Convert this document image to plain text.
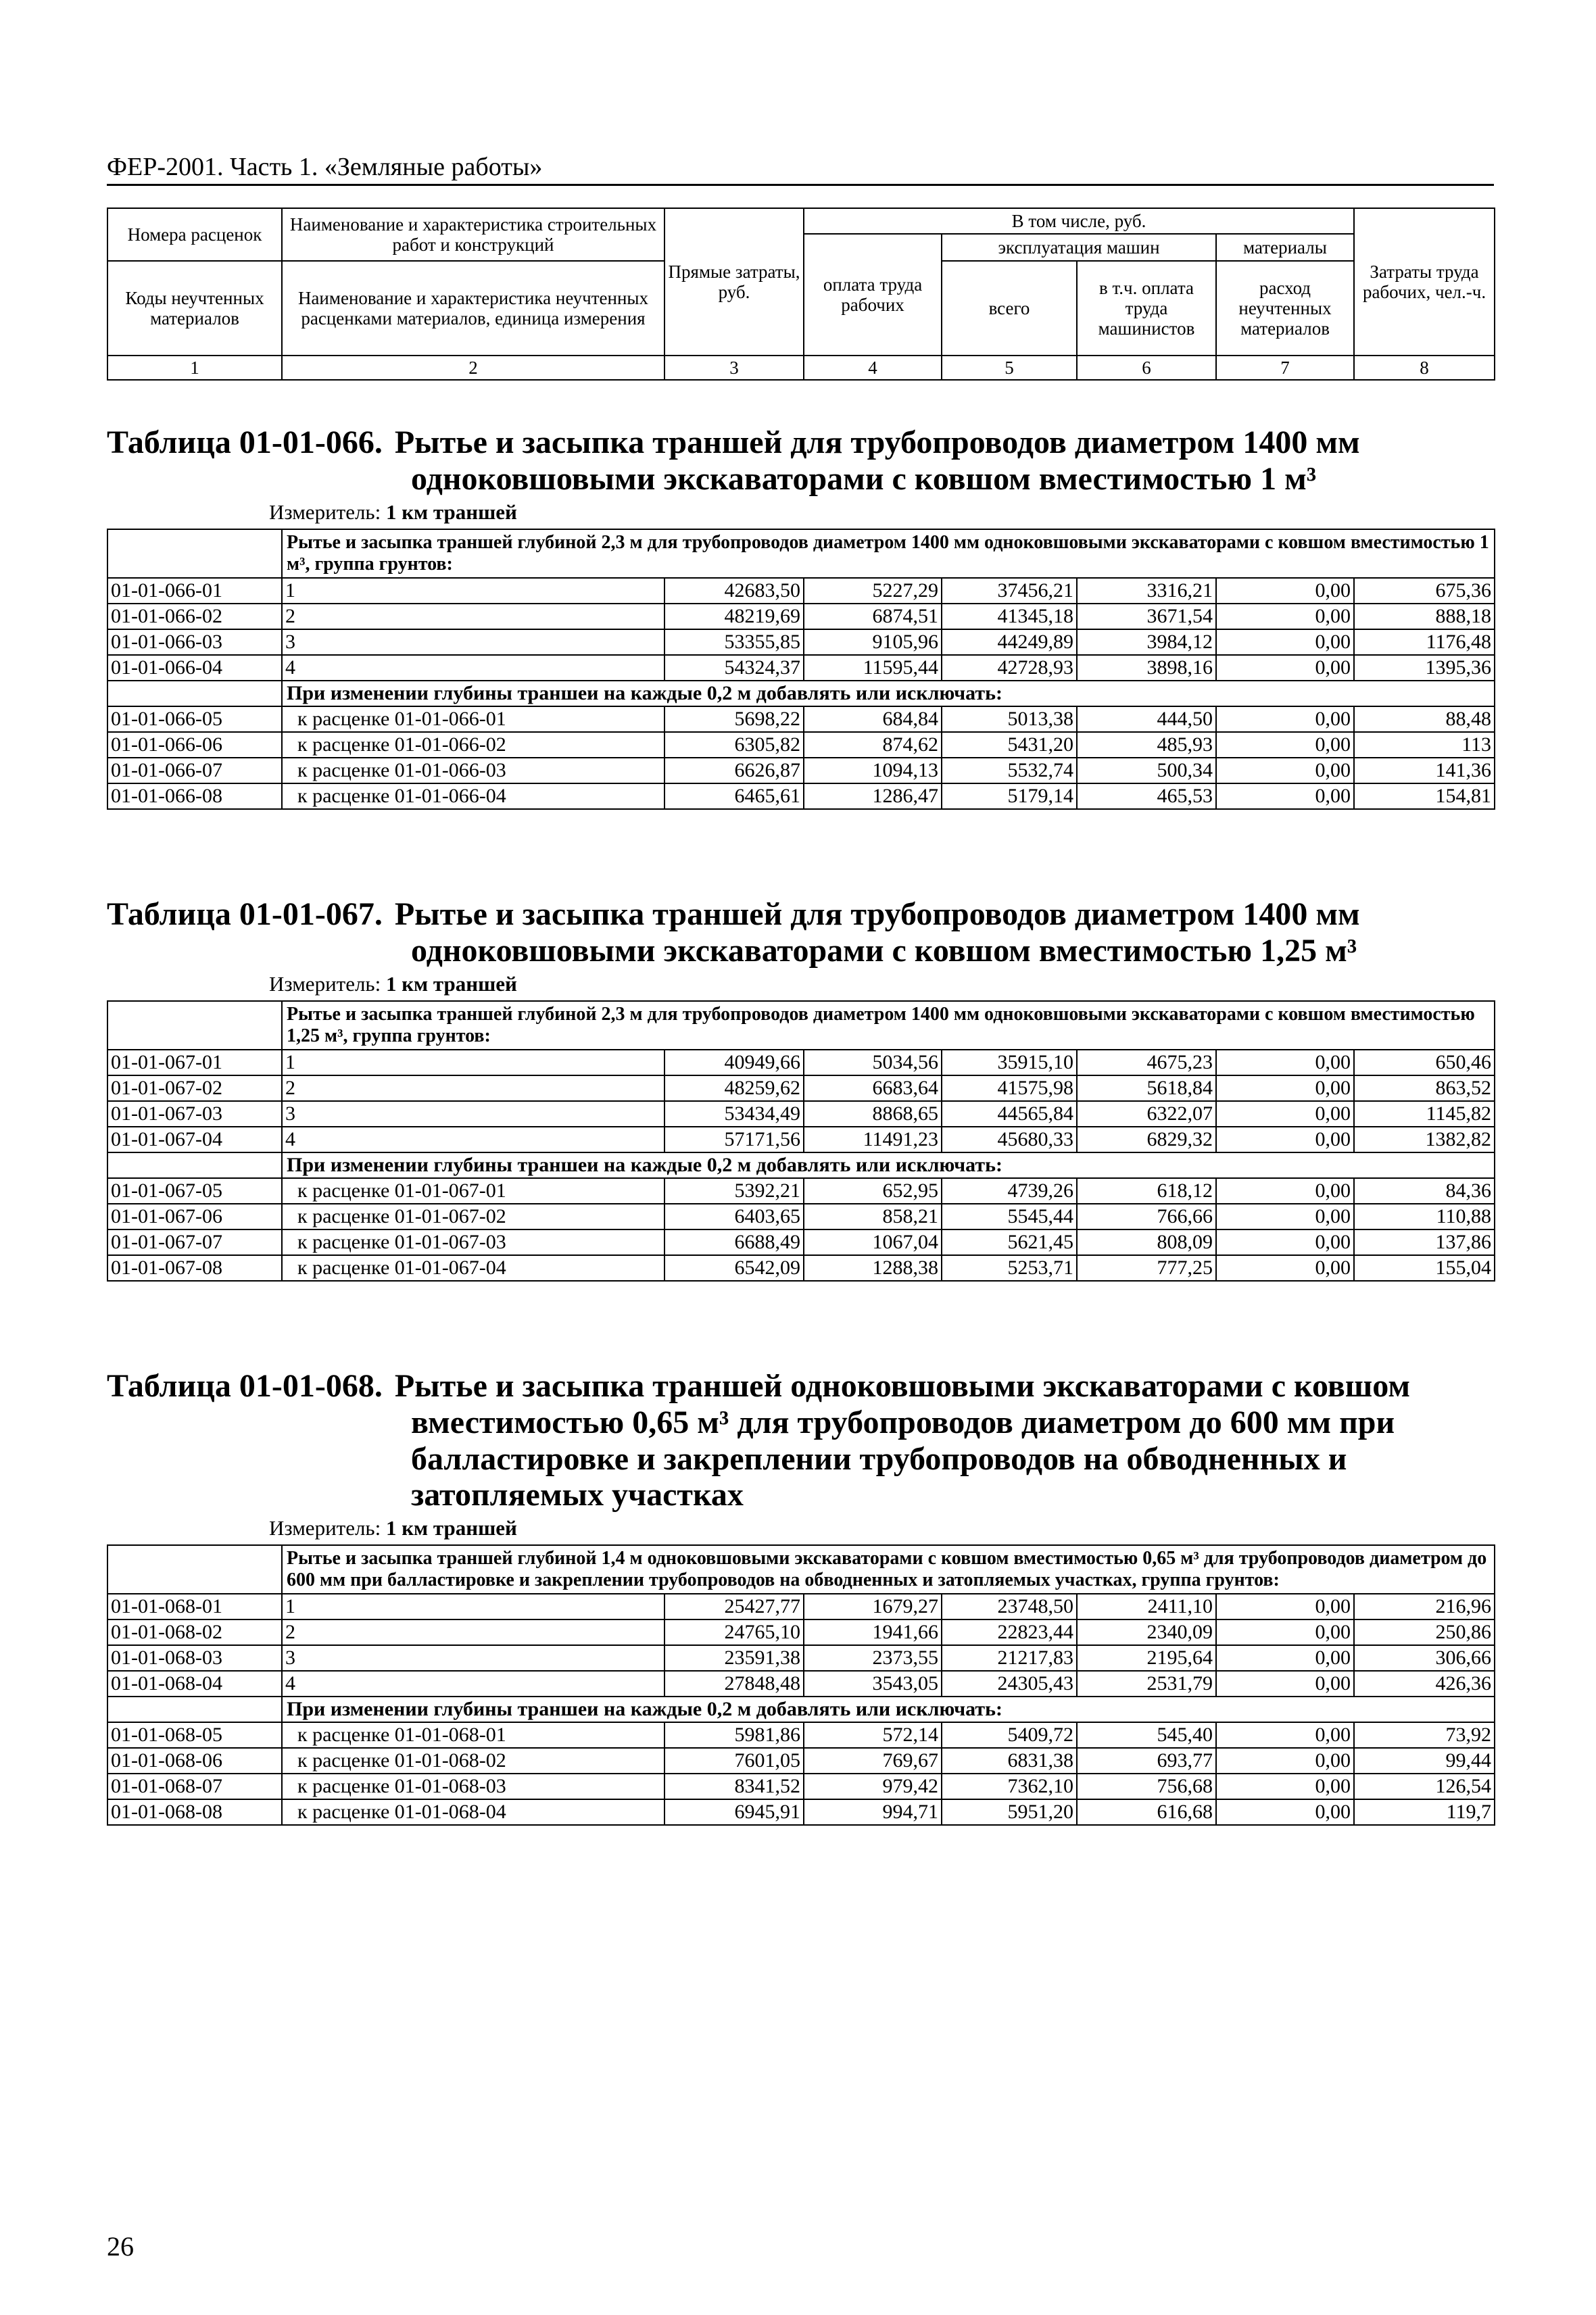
ФЕР-2001. Часть 1. «Земляные работы»
Номера расценок	Наименование и характеристика строительных работ и конструкций	Прямые затраты, руб.	В том числе, руб.				Затраты труда рабочих, чел.-ч.
			оплата труда рабочих	эксплуатация машин		материалы	
Коды неучтенных материалов	Наименование и характеристика неучтенных расценками материалов, единица измерения			всего	в т.ч. оплата труда машинистов	расход неучтенных материалов	

1	2	3	4	5	6	7	8
Таблица 01-01-066. Рытье и засыпка траншей для трубопроводов диаметром 1400 мм
одноковшовыми экскаваторами с ковшом вместимостью 1 м³
Измеритель: 1 км траншей
	Рытье и засыпка траншей глубиной 2,3 м для трубопроводов диаметром 1400 мм одноковшовыми экскаваторами с ковшом вместимостью 1 м³, группа грунтов:						
01-01-066-01	1	42683,50	5227,29	37456,21	3316,21	0,00	675,36
01-01-066-02	2	48219,69	6874,51	41345,18	3671,54	0,00	888,18
01-01-066-03	3	53355,85	9105,96	44249,89	3984,12	0,00	1176,48
01-01-066-04	4	54324,37	11595,44	42728,93	3898,16	0,00	1395,36
	При изменении глубины траншеи на каждые 0,2 м добавлять или исключать:						
01-01-066-05	к расценке 01-01-066-01	5698,22	684,84	5013,38	444,50	0,00	88,48
01-01-066-06	к расценке 01-01-066-02	6305,82	874,62	5431,20	485,93	0,00	113
01-01-066-07	к расценке 01-01-066-03	6626,87	1094,13	5532,74	500,34	0,00	141,36
01-01-066-08	к расценке 01-01-066-04	6465,61	1286,47	5179,14	465,53	0,00	154,81
Таблица 01-01-067. Рытье и засыпка траншей для трубопроводов диаметром 1400 мм
одноковшовыми экскаваторами с ковшом вместимостью 1,25 м³
Измеритель: 1 км траншей
	Рытье и засыпка траншей глубиной 2,3 м для трубопроводов диаметром 1400 мм одноковшовыми экскаваторами с ковшом вместимостью 1,25 м³, группа грунтов:						
01-01-067-01	1	40949,66	5034,56	35915,10	4675,23	0,00	650,46
01-01-067-02	2	48259,62	6683,64	41575,98	5618,84	0,00	863,52
01-01-067-03	3	53434,49	8868,65	44565,84	6322,07	0,00	1145,82
01-01-067-04	4	57171,56	11491,23	45680,33	6829,32	0,00	1382,82
	При изменении глубины траншеи на каждые 0,2 м добавлять или исключать:						
01-01-067-05	к расценке 01-01-067-01	5392,21	652,95	4739,26	618,12	0,00	84,36
01-01-067-06	к расценке 01-01-067-02	6403,65	858,21	5545,44	766,66	0,00	110,88
01-01-067-07	к расценке 01-01-067-03	6688,49	1067,04	5621,45	808,09	0,00	137,86
01-01-067-08	к расценке 01-01-067-04	6542,09	1288,38	5253,71	777,25	0,00	155,04
Таблица 01-01-068. Рытье и засыпка траншей одноковшовыми экскаваторами с ковшом
вместимостью 0,65 м³ для трубопроводов диаметром до 600 мм при
балластировке и закреплении трубопроводов на обводненных и
затопляемых участках
Измеритель: 1 км траншей
	Рытье и засыпка траншей глубиной 1,4 м одноковшовыми экскаваторами с ковшом вместимостью 0,65 м³ для трубопроводов диаметром до 600 мм при балластировке и закреплении трубопроводов на обводненных и затопляемых участках, группа грунтов:						
01-01-068-01	1	25427,77	1679,27	23748,50	2411,10	0,00	216,96
01-01-068-02	2	24765,10	1941,66	22823,44	2340,09	0,00	250,86
01-01-068-03	3	23591,38	2373,55	21217,83	2195,64	0,00	306,66
01-01-068-04	4	27848,48	3543,05	24305,43	2531,79	0,00	426,36
	При изменении глубины траншеи на каждые 0,2 м добавлять или исключать:						
01-01-068-05	к расценке 01-01-068-01	5981,86	572,14	5409,72	545,40	0,00	73,92
01-01-068-06	к расценке 01-01-068-02	7601,05	769,67	6831,38	693,77	0,00	99,44
01-01-068-07	к расценке 01-01-068-03	8341,52	979,42	7362,10	756,68	0,00	126,54
01-01-068-08	к расценке 01-01-068-04	6945,91	994,71	5951,20	616,68	0,00	119,7
26
